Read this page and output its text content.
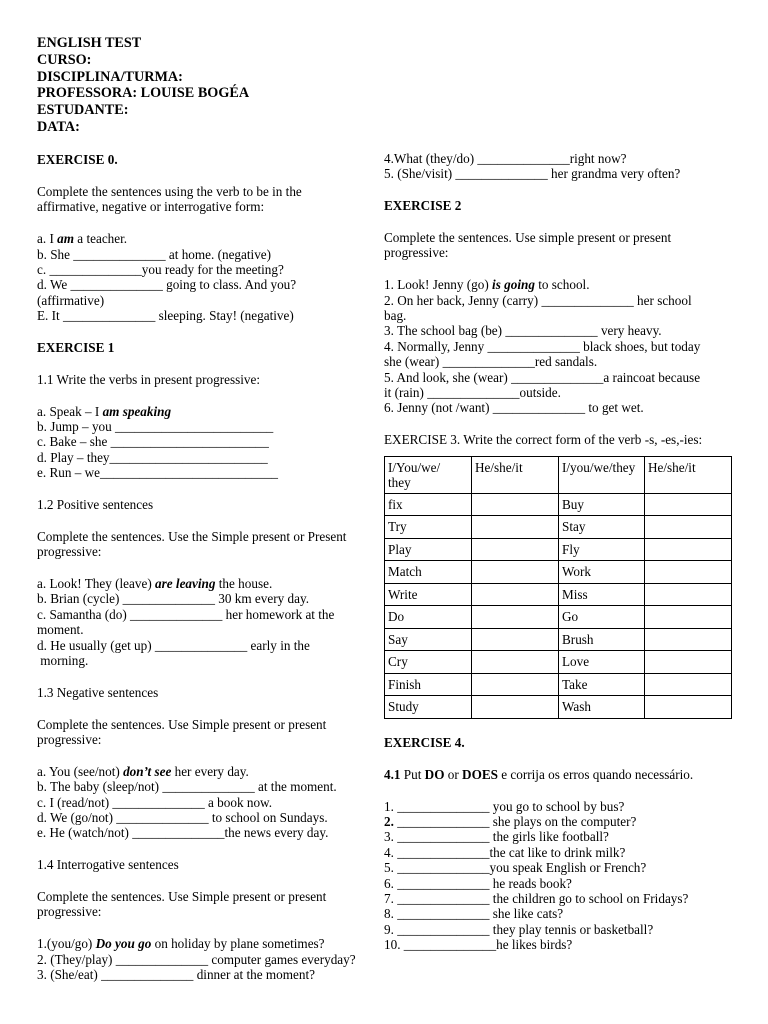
ENGLISH TEST
CURSO:
DISCIPLINA/TURMA:
PROFESSORA: LOUISE BOGÉA
ESTUDANTE:
DATA:
EXERCISE 0.
Complete the sentences using the verb to be in the
affirmative, negative or interrogative form:
a. I am a teacher.
b. She ______________ at home. (negative)
c. ______________you ready for the meeting?
d. We ______________ going to class. And you?
(affirmative)
E. It ______________ sleeping. Stay! (negative)
EXERCISE 1
1.1 Write the verbs in present progressive:
a. Speak – I am speaking
b. Jump – you ________________________
c. Bake – she ________________________
d. Play – they________________________
e. Run – we___________________________
1.2 Positive sentences
Complete the sentences. Use the Simple present or Present
progressive:
a. Look! They (leave) are leaving the house.
b. Brian (cycle) ______________ 30 km every day.
c. Samantha (do) ______________ her homework at the
moment.
d. He usually (get up) ______________ early in the
morning.
1.3 Negative sentences
Complete the sentences. Use Simple present or present
progressive:
a. You (see/not) don’t see her every day.
b. The baby (sleep/not) ______________ at the moment.
c. I (read/not) ______________ a book now.
d. We (go/not) ______________ to school on Sundays.
e. He (watch/not) ______________the news every day.
1.4 Interrogative sentences
Complete the sentences. Use Simple present or present
progressive:
1.(you/go) Do you go on holiday by plane sometimes?
2. (They/play) ______________ computer games everyday?
3. (She/eat) ______________ dinner at the moment?
4.What (they/do) ______________right now?
5. (She/visit) ______________ her grandma very often?
EXERCISE 2
Complete the sentences. Use simple present or present
progressive:
1. Look! Jenny (go) is going to school.
2. On her back, Jenny (carry) ______________ her school
bag.
3. The school bag (be) ______________ very heavy.
4. Normally, Jenny ______________ black shoes, but today
she (wear) ______________red sandals.
5. And look, she (wear) ______________a raincoat because
it (rain) ______________outside.
6. Jenny (not /want) ______________ to get wet.
EXERCISE 3. Write the correct form of the verb -s, -es,-ies:
I/You/we/
they	He/she/it	I/you/we/they	He/she/it
fix		Buy	
Try		Stay	
Play		Fly	
Match		Work	
Write		Miss	
Do		Go	
Say		Brush	
Cry		Love	
Finish		Take	
Study		Wash	
EXERCISE 4.
4.1 Put DO or DOES e corrija os erros quando necessário.
1. ______________ you go to school by bus?
2. ______________ she plays on the computer?
3. ______________ the girls like football?
4. ______________the cat like to drink milk?
5. ______________you speak English or French?
6. ______________ he reads book?
7. ______________ the children go to school on Fridays?
8. ______________ she like cats?
9. ______________ they play tennis or basketball?
10. ______________he likes birds?
